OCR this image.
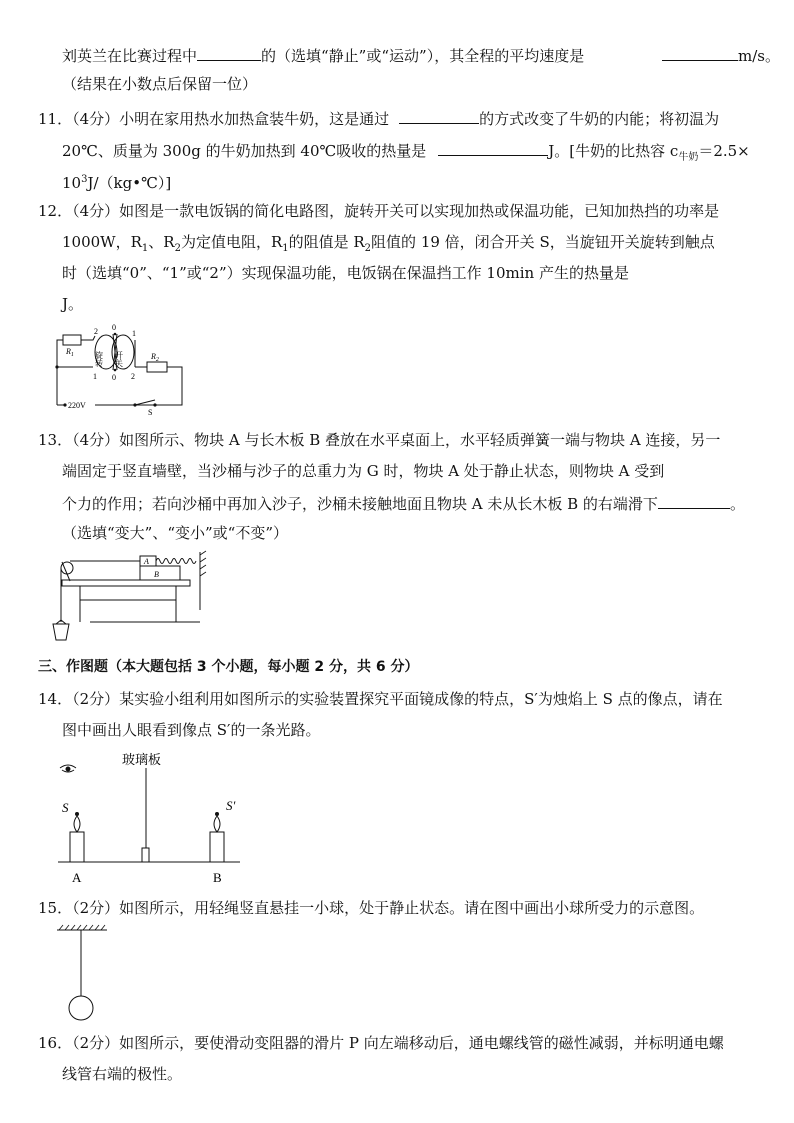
刘英兰在比赛过程中	的（选填“静止”或“运动”），其全程的平均速度是	m/s。
（结果在小数点后保留一位）
11．（4分）小明在家用热水加热盒装牛奶，这是通过	的方式改变了牛奶的内能；将初温为
20℃、质量为 300g 的牛奶加热到 40℃吸收的热量是	J。[牛奶的比热容 $c_{牛奶}=2.5\times$
$10^3J/(kg•℃)$]
12．（4分）如图是一款电饭锅的简化电路图，旋转开关可以实现加热或保温功能，已知加热挡的功率是
1000W，$R_1$、$R_2$为定值电阻，$R_1$的阻值是 $R_2$阻值的 19 倍，闭合开关 S，当旋钮开关旋转到触点
时（选填“0”、“1”或“2”）实现保温功能，电饭锅在保温挡工作 10min 产生的热量是
J。
$R_1$	$R_2$
旋转 开关
0
0
2
1
1
2
220V
S
13．（4分）如图所示、物块 A 与长木板 B 叠放在水平桌面上，水平轻质弹簧一端与物块 A 连接，另一
端固定于竖直墙壁，当沙桶与沙子的总重力为 G 时，物块 A 处于静止状态，则物块 A 受到
个力的作用；若向沙桶中再加入沙子，沙桶未接触地面且物块 A 未从长木板 B 的右端滑下	。
（选填“变大”、“变小”或“不变”）
A
B
三、作图题（本大题包括 3 个小题，每小题 2 分，共 6 分）
14．（2分）某实验小组利用如图所示的实验装置探究平面镜成像的特点，S′为烛焰上 S 点的像点，请在
图中画出人眼看到像点 S′的一条光路。
玻璃板
S	S′
A	B
15．（2分）如图所示，用轻绳竖直悬挂一小球，处于静止状态。请在图中画出小球所受力的示意图。
16．（2分）如图所示，要使滑动变阻器的滑片 P 向左端移动后，通电螺线管的磁性减弱，并标明通电螺
线管右端的极性。
